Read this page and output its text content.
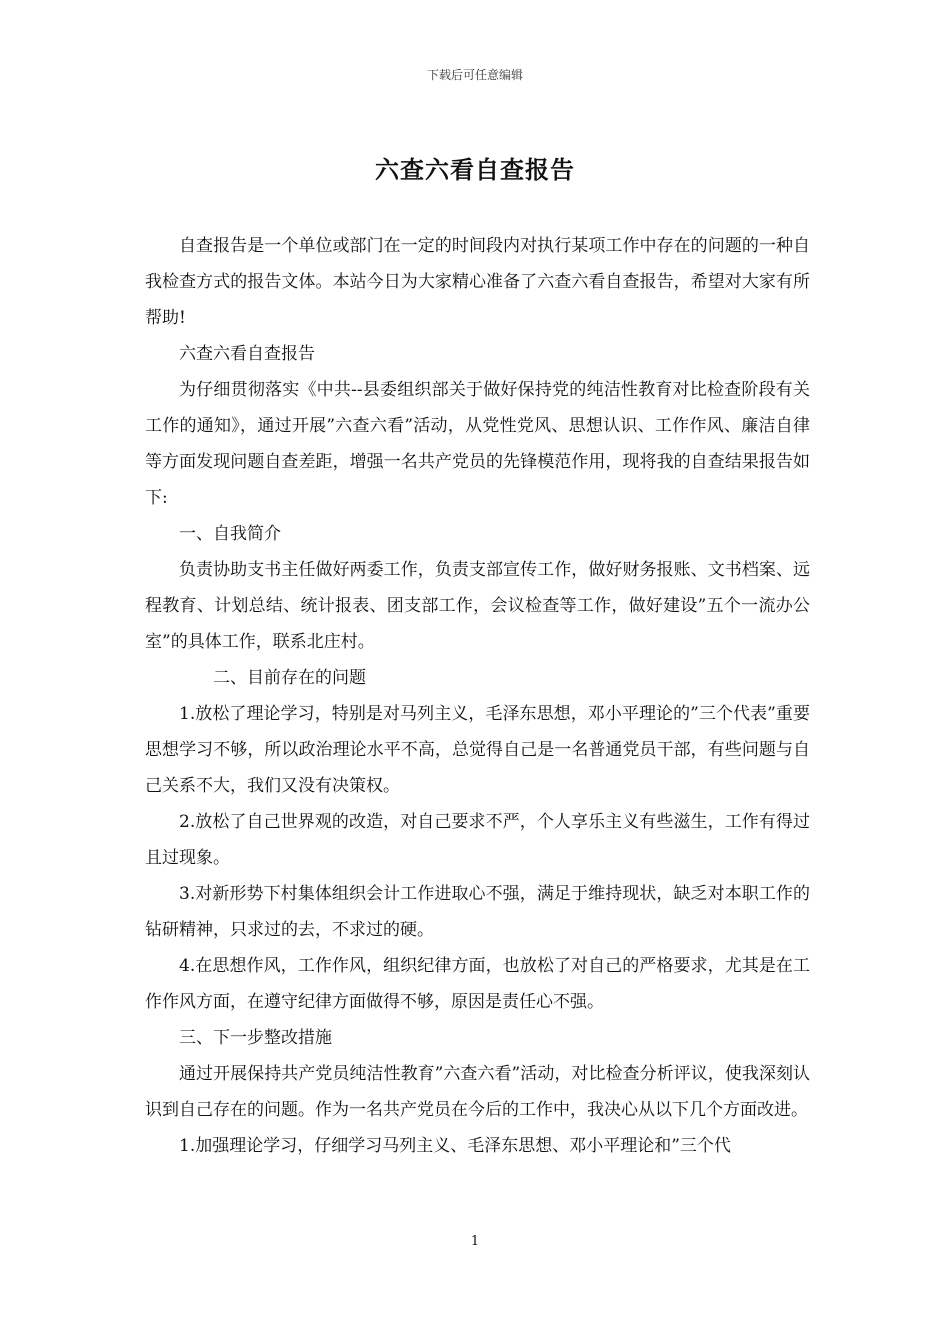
下载后可任意编辑
六查六看自查报告

自查报告是一个单位或部门在一定的时间段内对执行某项工作中存在的问题的一种自我检查方式的报告文体。本站今日为大家精心准备了六查六看自查报告，希望对大家有所帮助!

六查六看自查报告

为仔细贯彻落实《中共--县委组织部关于做好保持党的纯洁性教育对比检查阶段有关工作的通知》，通过开展”六查六看”活动，从党性党风、思想认识、工作作风、廉洁自律等方面发现问题自查差距，增强一名共产党员的先锋模范作用，现将我的自查结果报告如下:

一、自我简介

负责协助支书主任做好两委工作，负责支部宣传工作，做好财务报账、文书档案、远程教育、计划总结、统计报表、团支部工作，会议检查等工作，做好建设”五个一流办公室”的具体工作，联系北庄村。

二、目前存在的问题

1.放松了理论学习，特别是对马列主义，毛泽东思想，邓小平理论的”三个代表”重要思想学习不够，所以政治理论水平不高，总觉得自己是一名普通党员干部，有些问题与自己关系不大，我们又没有决策权。

2.放松了自己世界观的改造，对自己要求不严，个人享乐主义有些滋生，工作有得过且过现象。

3.对新形势下村集体组织会计工作进取心不强，满足于维持现状，缺乏对本职工作的钻研精神，只求过的去，不求过的硬。

4.在思想作风，工作作风，组织纪律方面，也放松了对自己的严格要求，尤其是在工作作风方面，在遵守纪律方面做得不够，原因是责任心不强。

三、下一步整改措施

通过开展保持共产党员纯洁性教育”六查六看”活动，对比检查分析评议，使我深刻认识到自己存在的问题。作为一名共产党员在今后的工作中，我决心从以下几个方面改进。

1.加强理论学习，仔细学习马列主义、毛泽东思想、邓小平理论和”三个代

1
